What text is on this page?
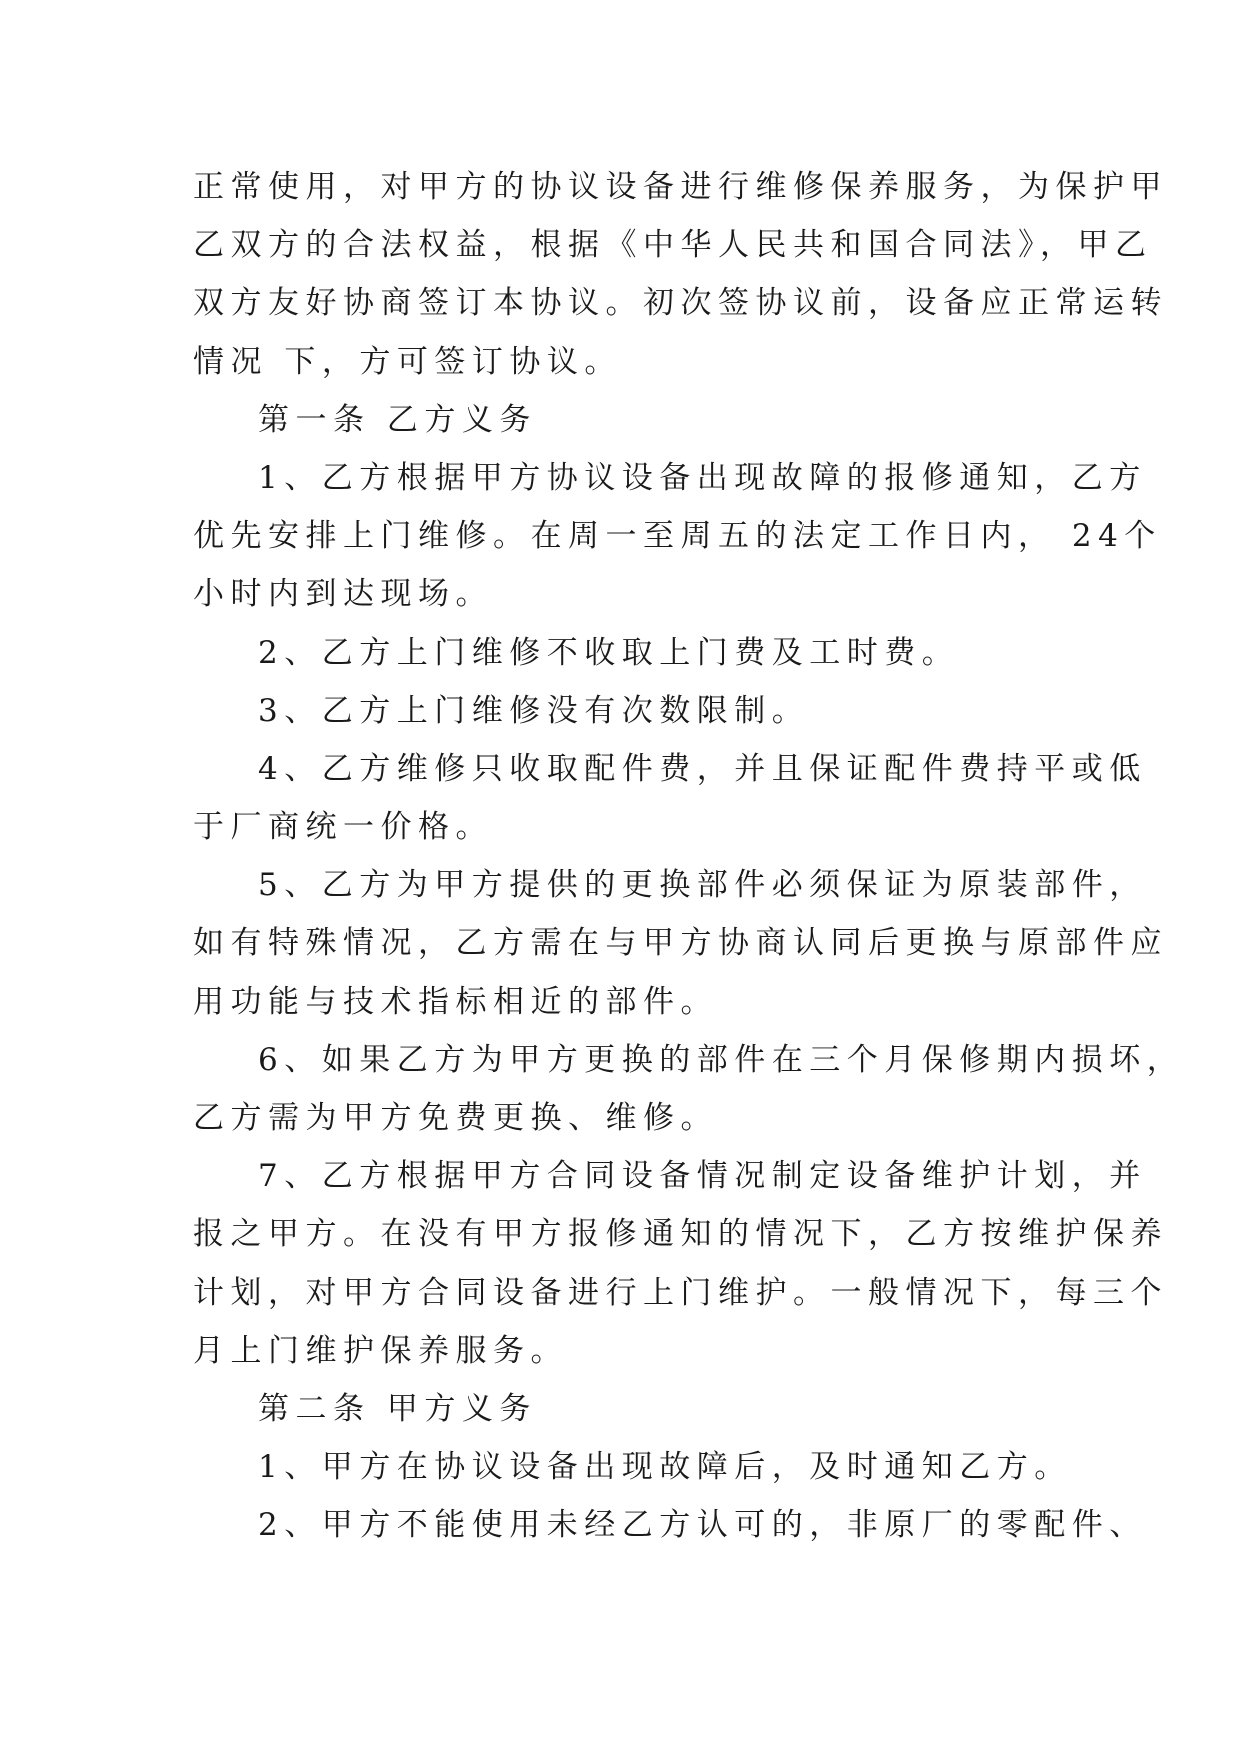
正常使用，对甲方的协议设备进行维修保养服务，为保护甲
乙双方的合法权益，根据《中华人民共和国合同法》，甲乙
双方友好协商签订本协议。初次签协议前，设备应正常运转
情况 下，方可签订协议。
第一条 乙方义务
1、乙方根据甲方协议设备出现故障的报修通知，乙方
优先安排上门维修。在周一至周五的法定工作日内， 24个
小时内到达现场。
2、乙方上门维修不收取上门费及工时费。
3、乙方上门维修没有次数限制。
4、乙方维修只收取配件费，并且保证配件费持平或低
于厂商统一价格。
5、乙方为甲方提供的更换部件必须保证为原装部件，
如有特殊情况，乙方需在与甲方协商认同后更换与原部件应
用功能与技术指标相近的部件。
6、如果乙方为甲方更换的部件在三个月保修期内损坏，
乙方需为甲方免费更换、维修。
7、乙方根据甲方合同设备情况制定设备维护计划，并
报之甲方。在没有甲方报修通知的情况下，乙方按维护保养
计划，对甲方合同设备进行上门维护。一般情况下，每三个
月上门维护保养服务。
第二条 甲方义务
1、甲方在协议设备出现故障后，及时通知乙方。
2、甲方不能使用未经乙方认可的，非原厂的零配件、
